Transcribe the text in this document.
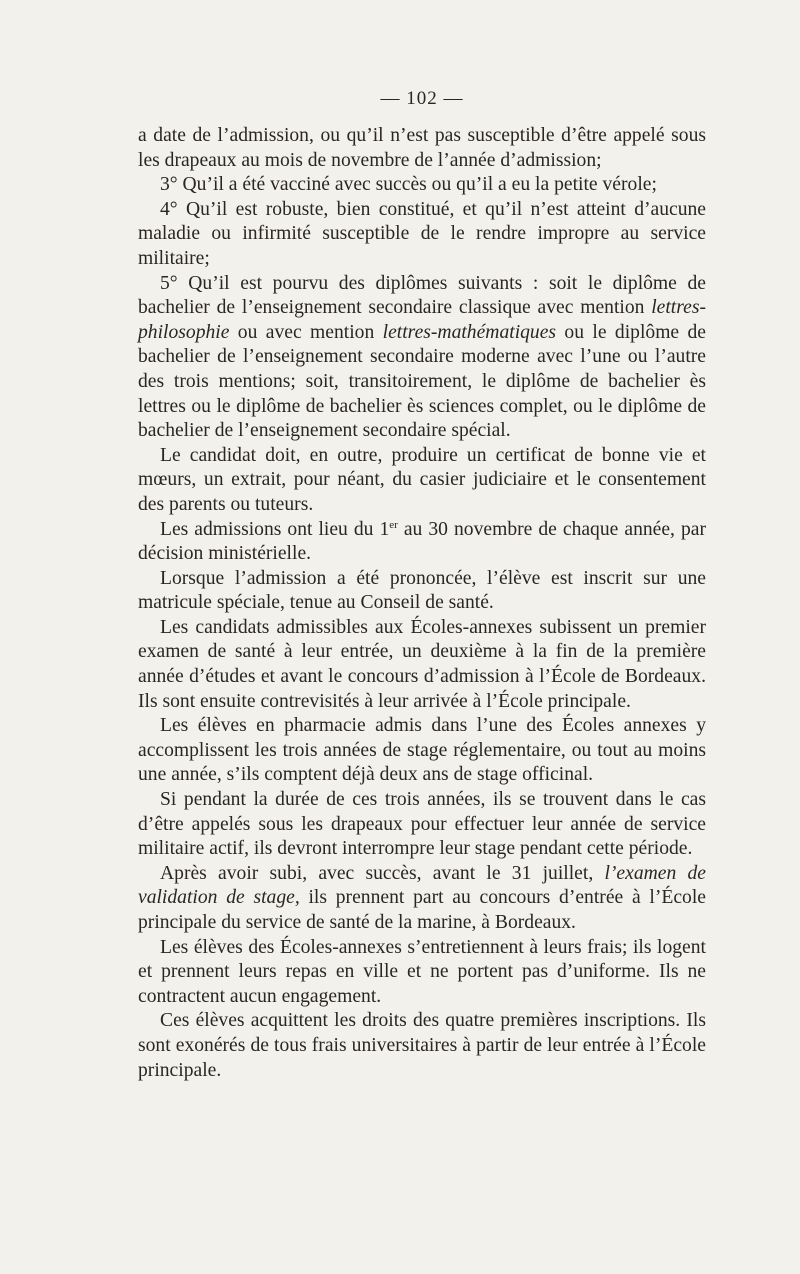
— 102 —

a date de l’admission, ou qu’il n’est pas susceptible d’être appelé sous les drapeaux au mois de novembre de l’année d’admission;

3° Qu’il a été vacciné avec succès ou qu’il a eu la petite vérole;

4° Qu’il est robuste, bien constitué, et qu’il n’est atteint d’aucune maladie ou infirmité susceptible de le rendre impropre au service militaire;

5° Qu’il est pourvu des diplômes suivants : soit le diplôme de bachelier de l’enseignement secondaire classique avec mention lettres-philosophie ou avec mention lettres-mathématiques ou le diplôme de bachelier de l’enseignement secondaire moderne avec l’une ou l’autre des trois mentions; soit, transitoirement, le diplôme de bachelier ès lettres ou le diplôme de bachelier ès sciences complet, ou le diplôme de bachelier de l’enseignement secondaire spécial.

Le candidat doit, en outre, produire un certificat de bonne vie et mœurs, un extrait, pour néant, du casier judiciaire et le consentement des parents ou tuteurs.

Les admissions ont lieu du 1er au 30 novembre de chaque année, par décision ministérielle.

Lorsque l’admission a été prononcée, l’élève est inscrit sur une matricule spéciale, tenue au Conseil de santé.

Les candidats admissibles aux Écoles-annexes subissent un premier examen de santé à leur entrée, un deuxième à la fin de la première année d’études et avant le concours d’admission à l’École de Bordeaux. Ils sont ensuite contrevisités à leur arrivée à l’École principale.

Les élèves en pharmacie admis dans l’une des Écoles annexes y accomplissent les trois années de stage réglementaire, ou tout au moins une année, s’ils comptent déjà deux ans de stage officinal.

Si pendant la durée de ces trois années, ils se trouvent dans le cas d’être appelés sous les drapeaux pour effectuer leur année de service militaire actif, ils devront interrompre leur stage pendant cette période.

Après avoir subi, avec succès, avant le 31 juillet, l’examen de validation de stage, ils prennent part au concours d’entrée à l’École principale du service de santé de la marine, à Bordeaux.

Les élèves des Écoles-annexes s’entretiennent à leurs frais; ils logent et prennent leurs repas en ville et ne portent pas d’uniforme. Ils ne contractent aucun engagement.

Ces élèves acquittent les droits des quatre premières inscriptions. Ils sont exonérés de tous frais universitaires à partir de leur entrée à l’École principale.
